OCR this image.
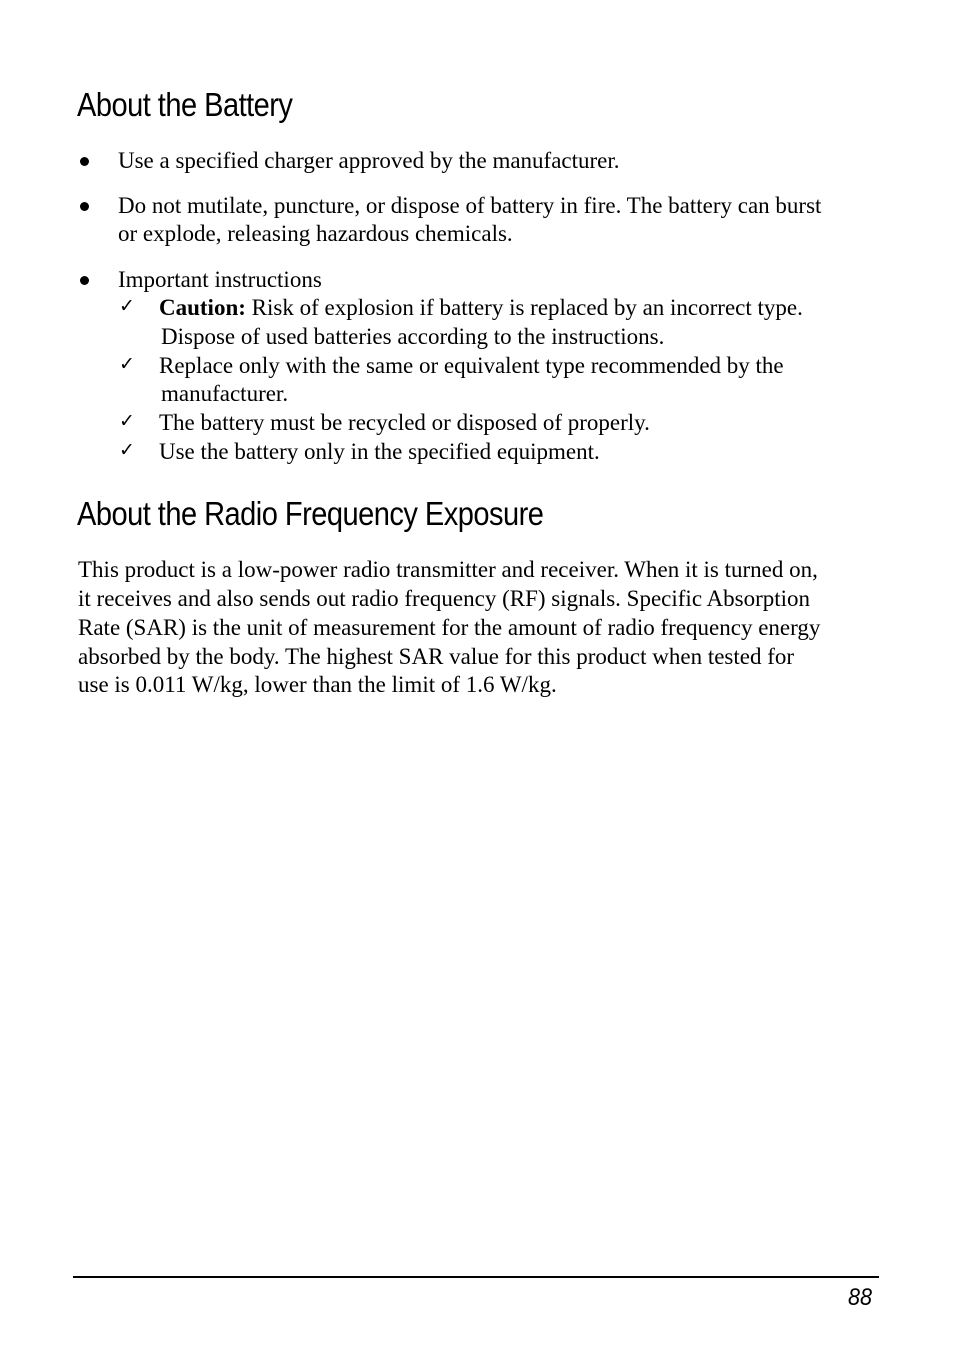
About the Battery
Use a specified charger approved by the manufacturer.
Do not mutilate, puncture, or dispose of battery in fire. The battery can burst
or explode, releasing hazardous chemicals.
Important instructions
✓ Caution: Risk of explosion if battery is replaced by an incorrect type.
Dispose of used batteries according to the instructions.
✓ Replace only with the same or equivalent type recommended by the
manufacturer.
✓ The battery must be recycled or disposed of properly.
✓ Use the battery only in the specified equipment.
About the Radio Frequency Exposure
This product is a low-power radio transmitter and receiver. When it is turned on,
it receives and also sends out radio frequency (RF) signals. Specific Absorption
Rate (SAR) is the unit of measurement for the amount of radio frequency energy
absorbed by the body. The highest SAR value for this product when tested for
use is 0.011 W/kg, lower than the limit of 1.6 W/kg.
88
